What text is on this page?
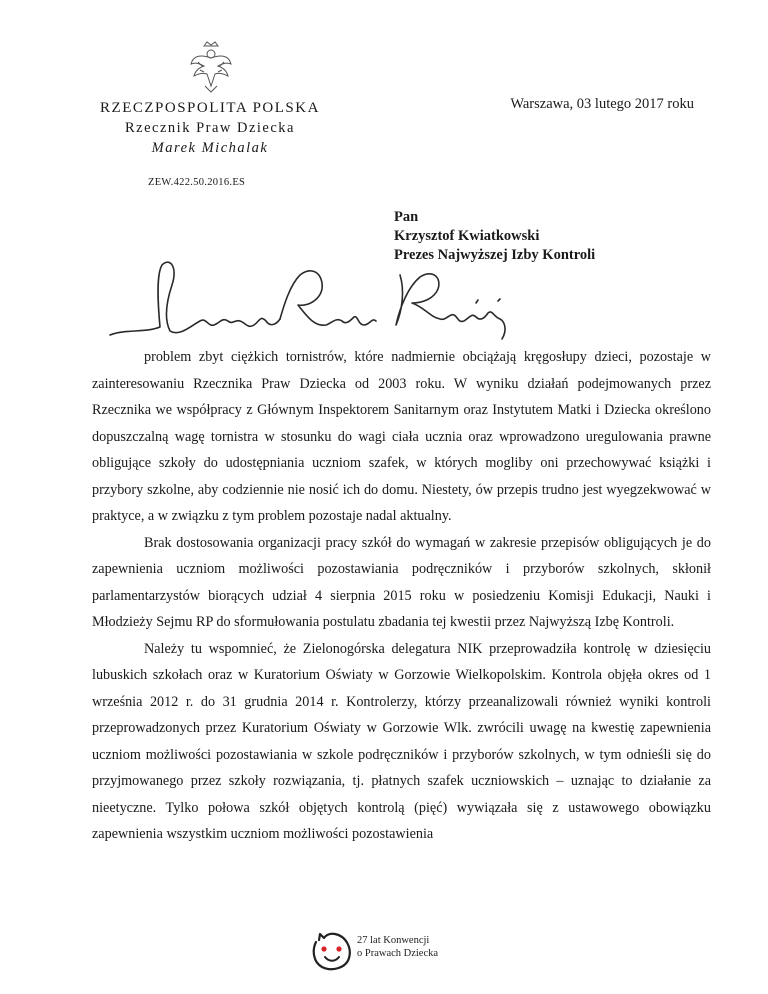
RZECZPOSPOLITA POLSKA
Rzecznik Praw Dziecka
Marek Michalak
ZEW.422.50.2016.ES
Warszawa, 03 lutego 2017 roku
Pan
Krzysztof Kwiatkowski
Prezes Najwyższej Izby Kontroli

problem zbyt ciężkich tornistrów, które nadmiernie obciążają kręgosłupy dzieci, pozostaje w zainteresowaniu Rzecznika Praw Dziecka od 2003 roku. W wyniku działań podejmowanych przez Rzecznika we współpracy z Głównym Inspektorem Sanitarnym oraz Instytutem Matki i Dziecka określono dopuszczalną wagę tornistra w stosunku do wagi ciała ucznia oraz wprowadzono uregulowania prawne obligujące szkoły do udostępniania uczniom szafek, w których mogliby oni przechowywać książki i przybory szkolne, aby codziennie nie nosić ich do domu. Niestety, ów przepis trudno jest wyegzekwować w praktyce, a w związku z tym problem pozostaje nadal aktualny.

Brak dostosowania organizacji pracy szkół do wymagań w zakresie przepisów obligujących je do zapewnienia uczniom możliwości pozostawiania podręczników i przyborów szkolnych, skłonił parlamentarzystów biorących udział 4 sierpnia 2015 roku w posiedzeniu Komisji Edukacji, Nauki i Młodzieży Sejmu RP do sformułowania postulatu zbadania tej kwestii przez Najwyższą Izbę Kontroli.

Należy tu wspomnieć, że Zielonogórska delegatura NIK przeprowadziła kontrolę w dziesięciu lubuskich szkołach oraz w Kuratorium Oświaty w Gorzowie Wielkopolskim. Kontrola objęła okres od 1 września 2012 r. do 31 grudnia 2014 r. Kontrolerzy, którzy przeanalizowali również wyniki kontroli przeprowadzonych przez Kuratorium Oświaty w Gorzowie Wlk. zwrócili uwagę na kwestię zapewnienia uczniom możliwości pozostawiania w szkole podręczników i przyborów szkolnych, w tym odnieśli się do przyjmowanego przez szkoły rozwiązania, tj. płatnych szafek uczniowskich – uznając to działanie za nieetyczne. Tylko połowa szkół objętych kontrolą (pięć) wywiązała się z ustawowego obowiązku zapewnienia wszystkim uczniom możliwości pozostawienia

27 lat Konwencji
o Prawach Dziecka
